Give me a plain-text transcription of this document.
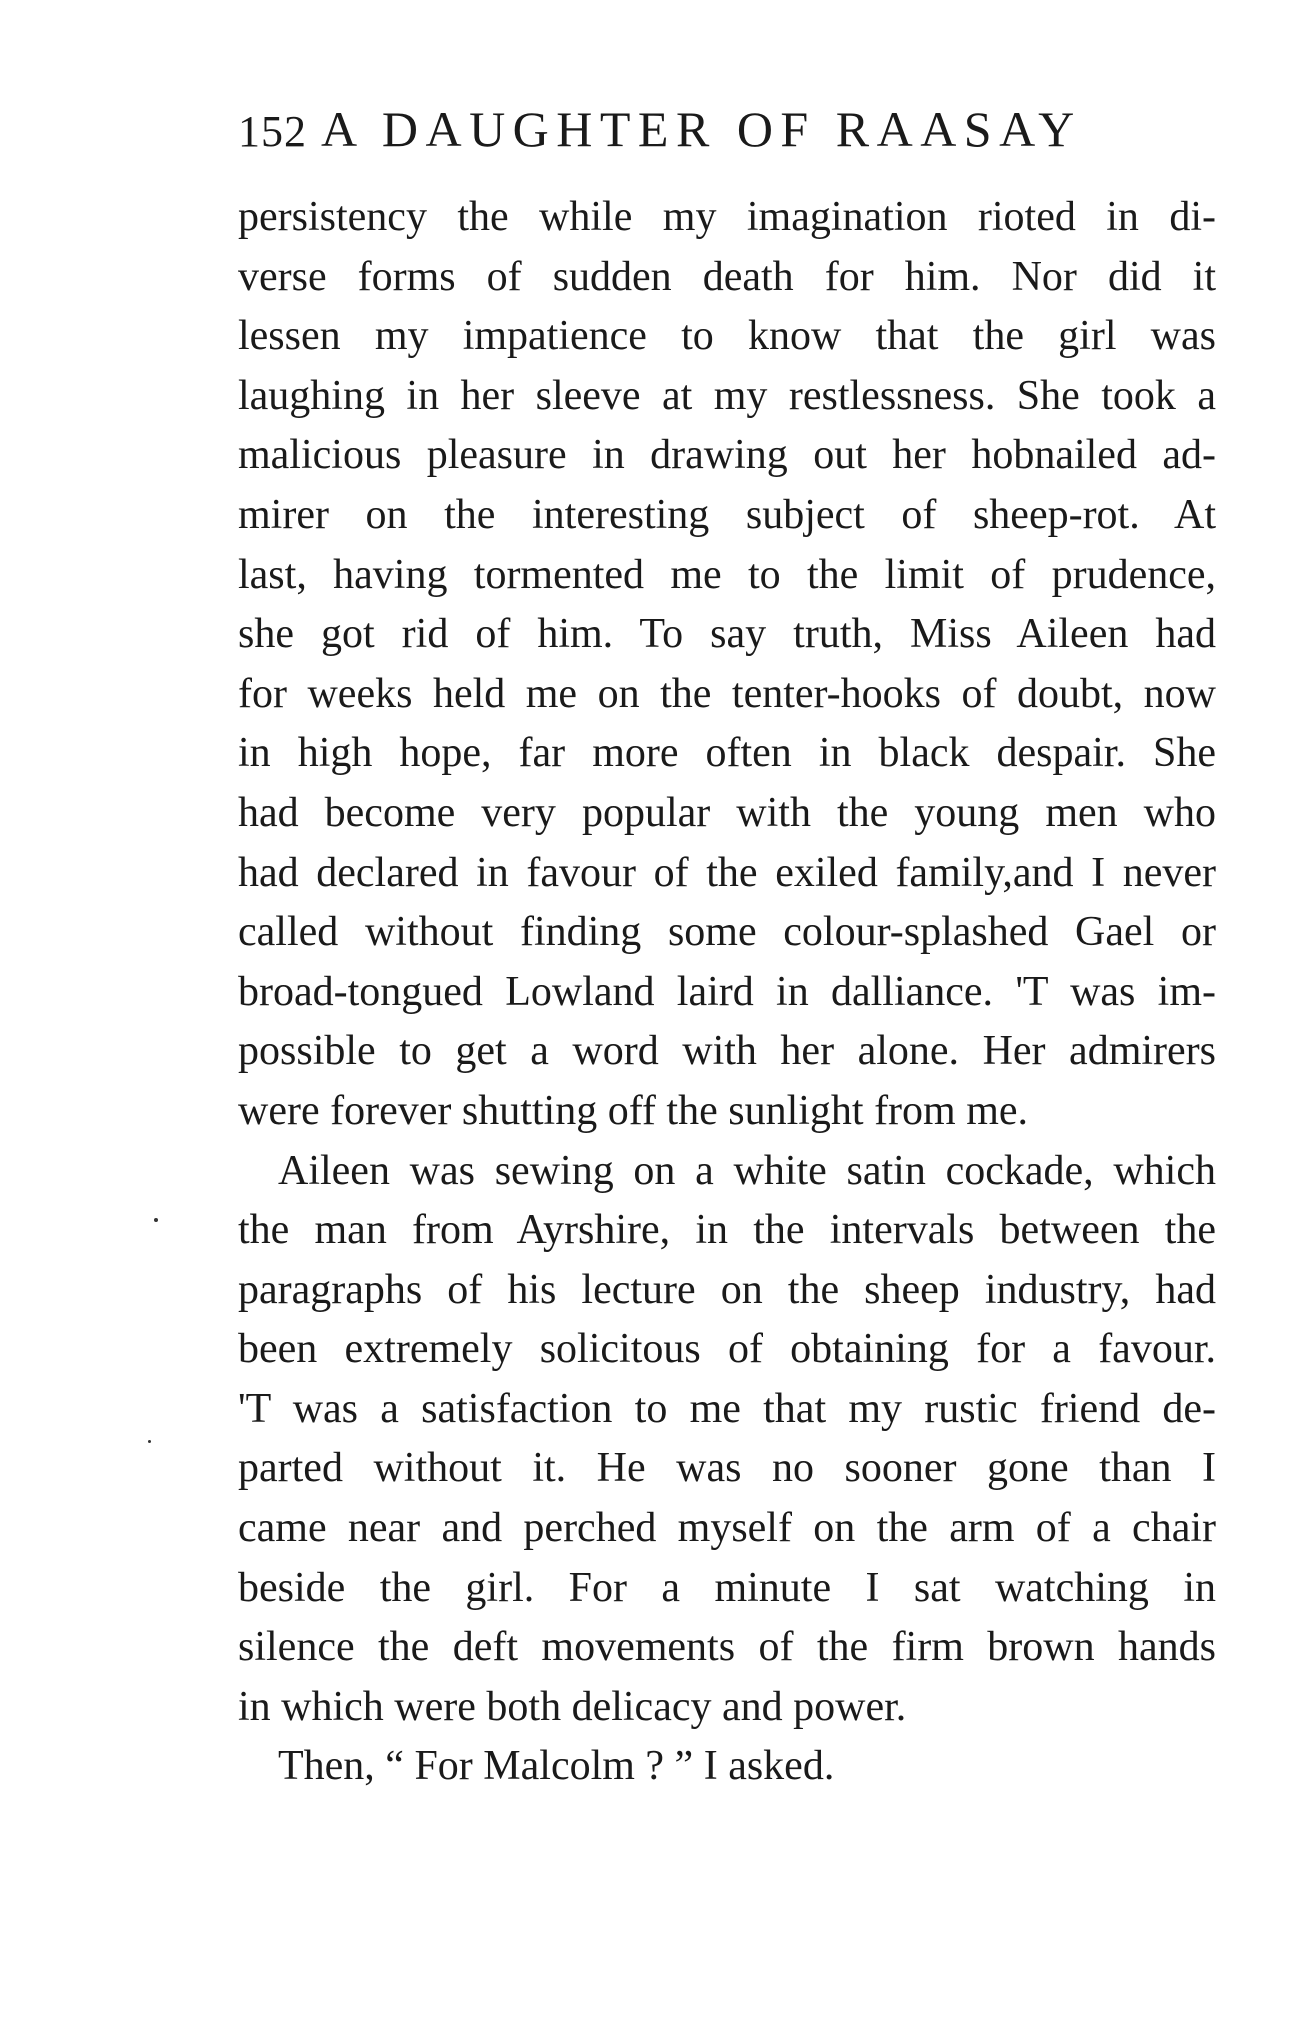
152 A DAUGHTER OF RAASAY
persistency the while my imagination rioted in di-
verse forms of sudden death for him. Nor did it
lessen my impatience to know that the girl was
laughing in her sleeve at my restlessness. She took a
malicious pleasure in drawing out her hobnailed ad-
mirer on the interesting subject of sheep-rot. At
last, having tormented me to the limit of prudence,
she got rid of him. To say truth, Miss Aileen had
for weeks held me on the tenter-hooks of doubt, now
in high hope, far more often in black despair. She
had become very popular with the young men who
had declared in favour of the exiled family,and I never
called without finding some colour-splashed Gael or
broad-tongued Lowland laird in dalliance. 'T was im-
possible to get a word with her alone. Her admirers
were forever shutting off the sunlight from me.
Aileen was sewing on a white satin cockade, which
the man from Ayrshire, in the intervals between the
paragraphs of his lecture on the sheep industry, had
been extremely solicitous of obtaining for a favour.
'T was a satisfaction to me that my rustic friend de-
parted without it. He was no sooner gone than I
came near and perched myself on the arm of a chair
beside the girl. For a minute I sat watching in
silence the deft movements of the firm brown hands
in which were both delicacy and power.
Then, “ For Malcolm ? ” I asked.
